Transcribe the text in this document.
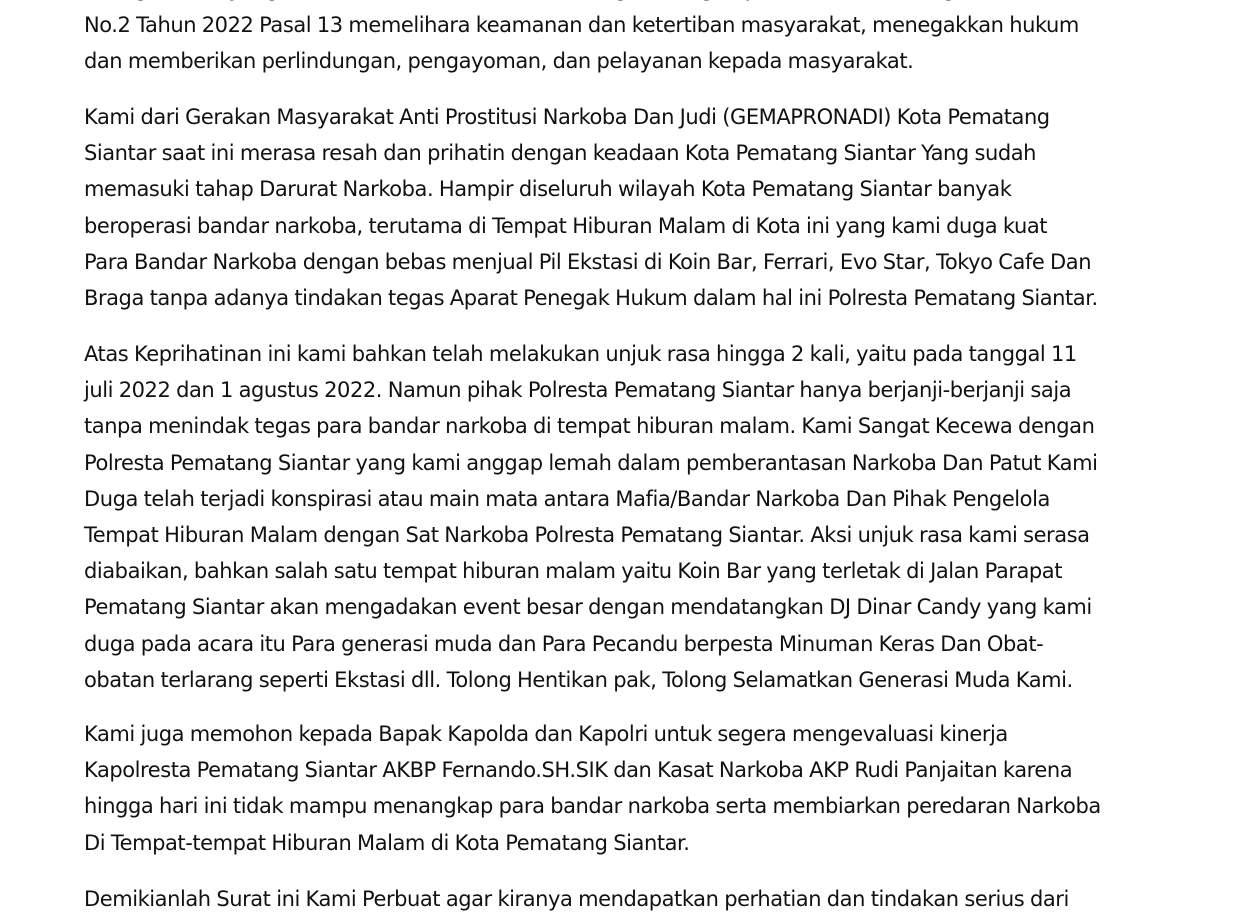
No.2 Tahun 2022 Pasal 13 memelihara keamanan dan ketertiban masyarakat, menegakkan hukum
dan memberikan perlindungan, pengayoman, dan pelayanan kepada masyarakat.
Kami dari Gerakan Masyarakat Anti Prostitusi Narkoba Dan Judi (GEMAPRONADI) Kota Pematang
Siantar saat ini merasa resah dan prihatin dengan keadaan Kota Pematang Siantar Yang sudah
memasuki tahap Darurat Narkoba. Hampir diseluruh wilayah Kota Pematang Siantar banyak
beroperasi bandar narkoba, terutama di Tempat Hiburan Malam di Kota ini yang kami duga kuat
Para Bandar Narkoba dengan bebas menjual Pil Ekstasi di Koin Bar, Ferrari, Evo Star, Tokyo Cafe Dan
Braga tanpa adanya tindakan tegas Aparat Penegak Hukum dalam hal ini Polresta Pematang Siantar.
Atas Keprihatinan ini kami bahkan telah melakukan unjuk rasa hingga 2 kali, yaitu pada tanggal 11
juli 2022 dan 1 agustus 2022. Namun pihak Polresta Pematang Siantar hanya berjanji-berjanji saja
tanpa menindak tegas para bandar narkoba di tempat hiburan malam. Kami Sangat Kecewa dengan
Polresta Pematang Siantar yang kami anggap lemah dalam pemberantasan Narkoba Dan Patut Kami
Duga telah terjadi konspirasi atau main mata antara Mafia/Bandar Narkoba Dan Pihak Pengelola
Tempat Hiburan Malam dengan Sat Narkoba Polresta Pematang Siantar. Aksi unjuk rasa kami serasa
diabaikan, bahkan salah satu tempat hiburan malam yaitu Koin Bar yang terletak di Jalan Parapat
Pematang Siantar akan mengadakan event besar dengan mendatangkan DJ Dinar Candy yang kami
duga pada acara itu Para generasi muda dan Para Pecandu berpesta Minuman Keras Dan Obat-
obatan terlarang seperti Ekstasi dll. Tolong Hentikan pak, Tolong Selamatkan Generasi Muda Kami.
Kami juga memohon kepada Bapak Kapolda dan Kapolri untuk segera mengevaluasi kinerja
Kapolresta Pematang Siantar AKBP Fernando.SH.SIK dan Kasat Narkoba AKP Rudi Panjaitan karena
hingga hari ini tidak mampu menangkap para bandar narkoba serta membiarkan peredaran Narkoba
Di Tempat-tempat Hiburan Malam di Kota Pematang Siantar.
Demikianlah Surat ini Kami Perbuat agar kiranya mendapatkan perhatian dan tindakan serius dari
